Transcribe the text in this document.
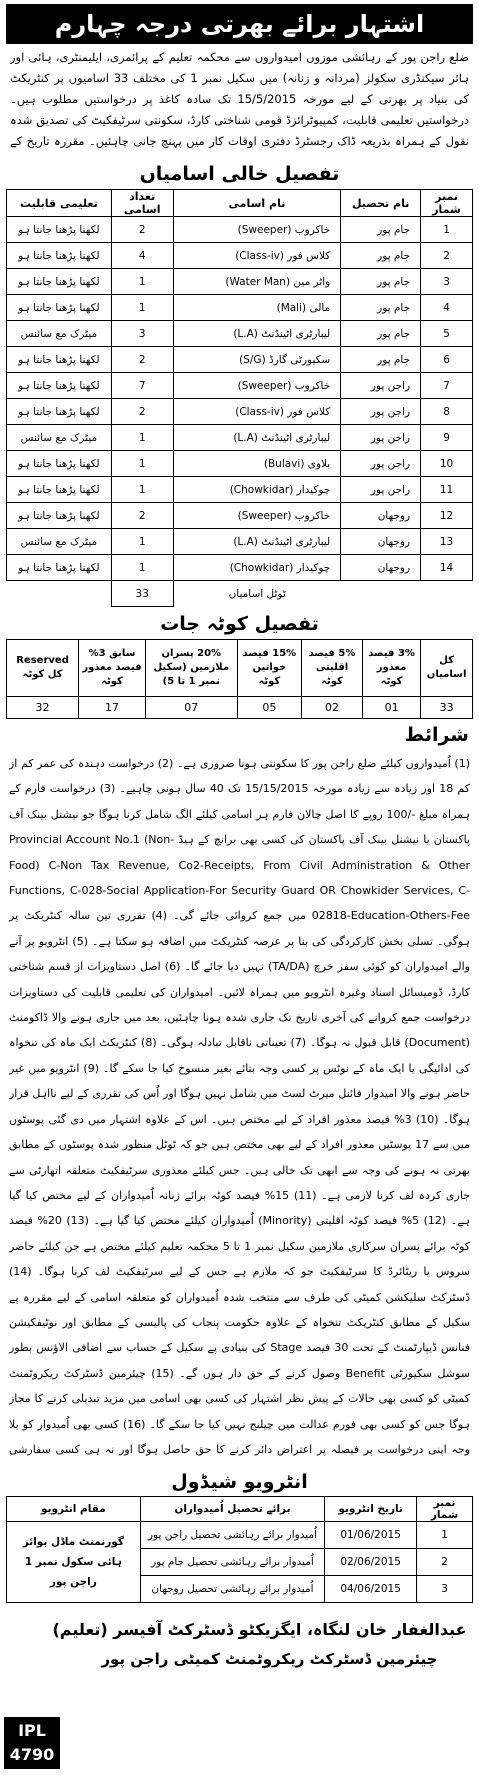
اشتہار برائے بھرتی درجہ چہارم
ضلع راجن پور کے رہائشی موزوں امیدواروں سے محکمہ تعلیم کے پرائمری، ایلیمنٹری، ہائی اور ہائر سیکنڈری سکولز (مردانہ و زنانہ) میں سکیل نمبر 1 کی مختلف 33 اسامیوں پر کنٹریکٹ کی بنیاد پر بھرتی کے لیے مورخہ 15/5/2015 تک سادہ کاغذ پر درخواستیں مطلوب ہیں۔ درخواستیں تعلیمی قابلیت، کمپیوٹرائزڈ قومی شناختی کارڈ، سکونتی سرٹیفکیٹ کی تصدیق شدہ نقول کے ہمراہ بذریعہ ڈاک رجسٹرڈ دفتری اوقات کار میں پہنچ جانی چاہئیں۔ مقررہ تاریخ کے
تفصیل خالی اسامیاں
نمبر شمار	نام تحصیل	نام اسامی	تعداد اسامی	تعلیمی قابلیت
1	جام پور	خاکروب (Sweeper)	2	لکھنا پڑھنا جانتا ہو
2	جام پور	کلاس فور (Class-iv)	4	لکھنا پڑھنا جانتا ہو
3	جام پور	واٹر مین (Water Man)	1	لکھنا پڑھنا جانتا ہو
4	جام پور	مالی (Mali)	1	لکھنا پڑھنا جانتا ہو
5	جام پور	لیبارٹری اٹینڈنٹ (L.A)	3	میٹرک مع سائنس
6	جام پور	سکیورٹی گارڈ (S/G)	2	لکھنا پڑھنا جانتا ہو
7	راجن پور	خاکروب (Sweeper)	7	لکھنا پڑھنا جانتا ہو
8	راجن پور	کلاس فور (Class-iv)	2	لکھنا پڑھنا جانتا ہو
9	راجن پور	لیبارٹری اٹینڈنٹ (L.A)	1	میٹرک مع سائنس
10	راجن پور	بلاوی (Bulavi)	1	لکھنا پڑھنا جانتا ہو
11	راجن پور	چوکیدار (Chowkidar)	1	لکھنا پڑھنا جانتا ہو
12	روجھان	خاکروب (Sweeper)	2	لکھنا پڑھنا جانتا ہو
13	روجھان	لیبارٹری اٹینڈنٹ (L.A)	1	میٹرک مع سائنس
14	روجھان	چوکیدار (Chowkidar)	1	لکھنا پڑھنا جانتا ہو
		ٹوٹل اسامیاں	33	
تفصیل کوٹہ جات
کل اسامیاں	3% فیصد معذور کوٹہ	5% فیصد اقلیتی کوٹہ	15% فیصد خواتین کوٹہ	20% پسران ملازمین (سکیل نمبر 1 تا 5)	سابق 3% فیصد معذور کوٹہ	Reserved کل کوٹہ
33	01	02	05	07	17	32
شرائط
(1) اُمیدواروں کیلئے ضلع راجن پور کا سکونتی ہونا ضروری ہے۔ (2) درخواست دہندہ کی عمر کم از کم 18 اور زیادہ سے زیادہ مورخہ 15/15/2015 تک 40 سال ہونی چاہیے۔ (3) درخواست فارم کے ہمراہ مبلغ -/100 روپے کا اصل چالان فارم ہر اسامی کیلئے الگ شامل کرنا ہوگا جو نیشنل بینک آف پاکستان یا نیشنل بینک آف پاکستان کی کسی بھی برانچ کے ہیڈ Provincial Account No.1 (Non-Food) C-Non Tax Revenue, Co2-Receipts, From Civil Administration & Other Functions, C-028-Social Application-For Security Guard OR Chowkider Services, C-02818-Education-Others-Fee میں جمع کروائی جائے گی۔ (4) تقرری تین سالہ کنٹریکٹ پر ہوگی۔ تسلی بخش کارکردگی کی بنا پر عرصہ کنٹریکٹ میں اضافہ ہو سکتا ہے۔ (5) انٹرویو پر آنے والے امیدواران کو کوئی سفر خرچ (TA/DA) نہیں دیا جائے گا۔ (6) اصل دستاویزات از قسم شناختی کارڈ، ڈومیسائل اسناد وغیرہ انٹرویو میں ہمراہ لائیں۔ امیدواران کی تعلیمی قابلیت کی دستاویزات درخواست جمع کروانے کی آخری تاریخ تک جاری شدہ ہونا چاہئیں، بعد میں جاری ہونے والا ڈاکومنٹ (Document) قابل قبول نہ ہوگا۔ (7) تعیناتی ناقابل تبادلہ ہوگی۔ (8) کنٹریکٹ ایک ماہ کی تنخواہ کی ادائیگی یا ایک ماہ کے نوٹس پر کسی وجہ بتائے بغیر منسوخ کیا جا سکے گا۔ (9) انٹرویو میں غیر حاضر ہونے والا امیدوار فائنل میرٹ لسٹ میں شامل نہیں ہوگا اور اُس کی تقرری کے لیے نااہل قرار ہوگا۔ (10) 3% فیصد معذور افراد کے لیے مختص ہیں۔ اس کے علاوہ اشتہار میں دی گئی پوسٹوں میں سے 17 پوسٹیں معذور افراد کے لیے بھی مختص ہیں جو کہ ٹوٹل منظور شدہ پوسٹوں کے مطابق بھرتی نہ ہونے کی وجہ سے ابھی تک خالی ہیں۔ جس کیلئے معذوری سرٹیفکیٹ متعلقہ اتھارٹی سے جاری کردہ لف کرنا لازمی ہے۔ (11) 15% فیصد کوٹہ برائے زنانہ اُمیدواران کے لیے مختص کیا گیا ہے۔ (12) 5% فیصد کوٹہ اقلیتی (Minority) اُمیدواران کیلئے مختص کیا گیا ہے۔ (13) 20% فیصد کوٹہ برائے پسران سرکاری ملازمین سکیل نمبر 1 تا 5 محکمہ تعلیم کیلئے مختص ہے جن کیلئے حاضر سروس یا ریٹائرڈ کا سرٹیفکیٹ جو کہ ملازم ہے جس کے لیے سرٹیفکیٹ لف کرنا ہوگا۔ (14) ڈسٹرکٹ سلیکشن کمیٹی کی طرف سے منتخب شدہ اُمیدواران کو متعلقہ اسامی کے لیے مقررہ پے سکیل کے مطابق کنٹریکٹ تنخواہ کے علاوہ حکومت پنجاب کی پالیسی کے مطابق اور نوٹیفکیشن فنانس ڈیپارٹمنٹ کے تحت 30 فیصد Stage کی بنیادی پے سکیل کے حساب سے اضافی الاؤنس بطور سوشل سکیورٹی Benefit وصول کرنے کے حق دار ہوں گے۔ (15) چیئرمین ڈسٹرکٹ ریکروٹمنٹ کمیٹی کو کسی بھی حالات کے پیش نظر اشتہار کی کسی بھی اسامی میں مزید تبدیلی کرنے کا مجاز ہوگا جس کو کسی بھی فورم عدالت میں چیلنج نہیں کیا جا سکے گا۔ (16) کسی بھی اُمیدوار کو بلا وجہ اپنی درخواست پر فیصلہ پر اعتراض دائر کرنے کا حق حاصل ہوگا اور نہ ہی کسی سفارشی
انٹرویو شیڈول
نمبر شمار	تاریخ انٹرویو	برائے تحصیل اُمیدواران	مقام انٹرویو
1	01/06/2015	اُمیدوار برائے رہائشی تحصیل راجن پور	گورنمنٹ ماڈل بوائز ہائی سکول نمبر 1 راجن پور
2	02/06/2015	اُمیدوار برائے رہائشی تحصیل جام پور	
3	04/06/2015	اُمیدوار برائے رہائشی تحصیل روجھان	
عبدالغفار خان لنگاہ، ایگزیکٹو ڈسٹرکٹ آفیسر (تعلیم)
چیئرمین ڈسٹرکٹ ریکروٹمنٹ کمیٹی راجن پور
IPL
4790
